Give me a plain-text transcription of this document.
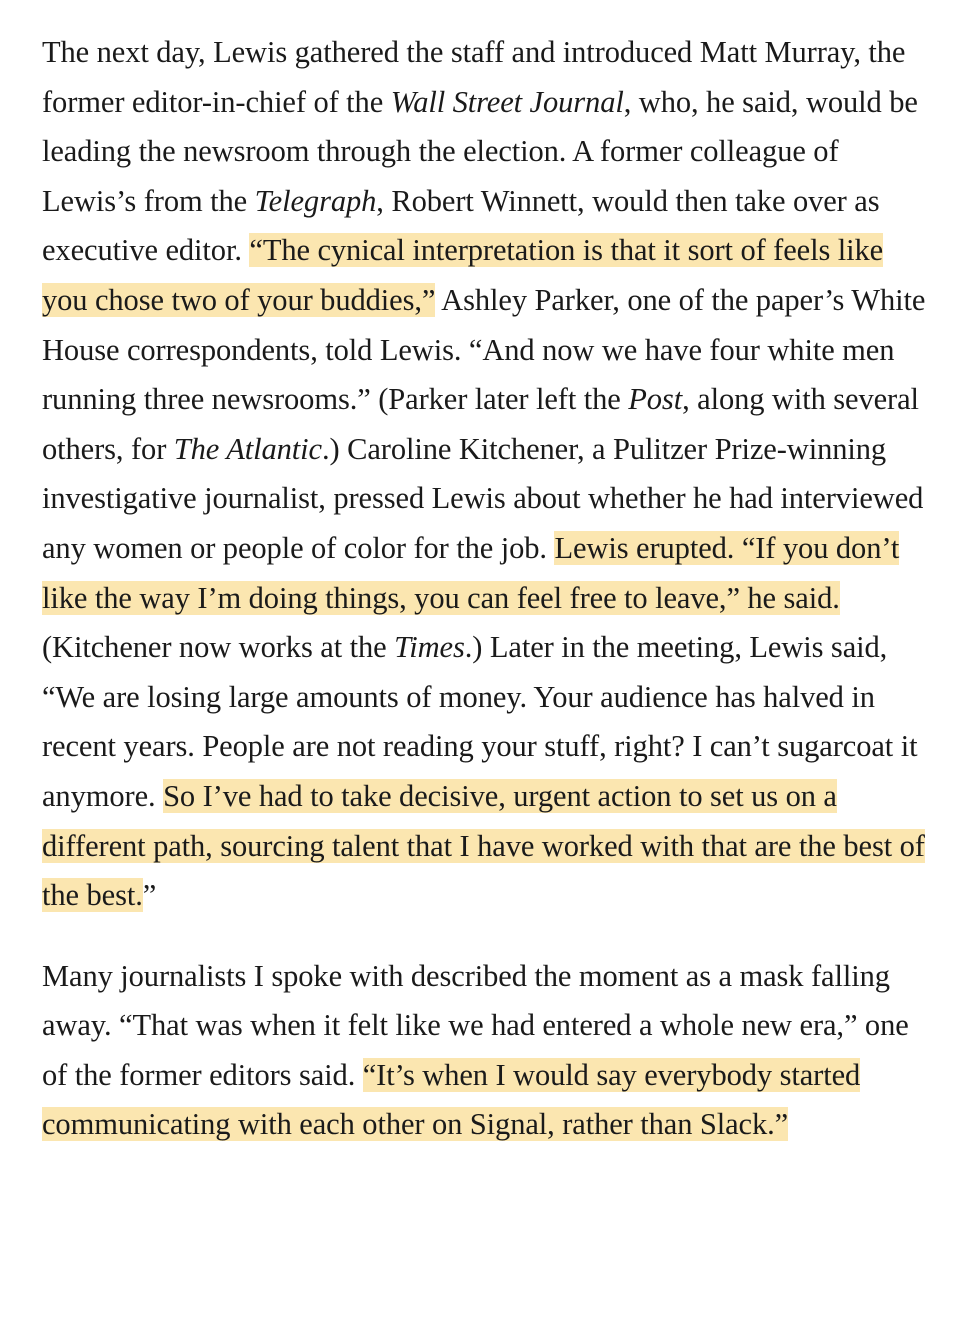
The next day, Lewis gathered the staff and introduced Matt Murray, the former editor-in-chief of the Wall Street Journal, who, he said, would be leading the newsroom through the election. A former colleague of Lewis’s from the Telegraph, Robert Winnett, would then take over as executive editor. “The cynical interpretation is that it sort of feels like you chose two of your buddies,” Ashley Parker, one of the paper’s White House correspondents, told Lewis. “And now we have four white men running three newsrooms.” (Parker later left the Post, along with several others, for The Atlantic.) Caroline Kitchener, a Pulitzer Prize-winning investigative journalist, pressed Lewis about whether he had interviewed any women or people of color for the job. Lewis erupted. “If you don’t like the way I’m doing things, you can feel free to leave,” he said. (Kitchener now works at the Times.) Later in the meeting, Lewis said, “We are losing large amounts of money. Your audience has halved in recent years. People are not reading your stuff, right? I can’t sugarcoat it anymore. So I’ve had to take decisive, urgent action to set us on a different path, sourcing talent that I have worked with that are the best of the best.”

Many journalists I spoke with described the moment as a mask falling away. “That was when it felt like we had entered a whole new era,” one of the former editors said. “It’s when I would say everybody started communicating with each other on Signal, rather than Slack.”
